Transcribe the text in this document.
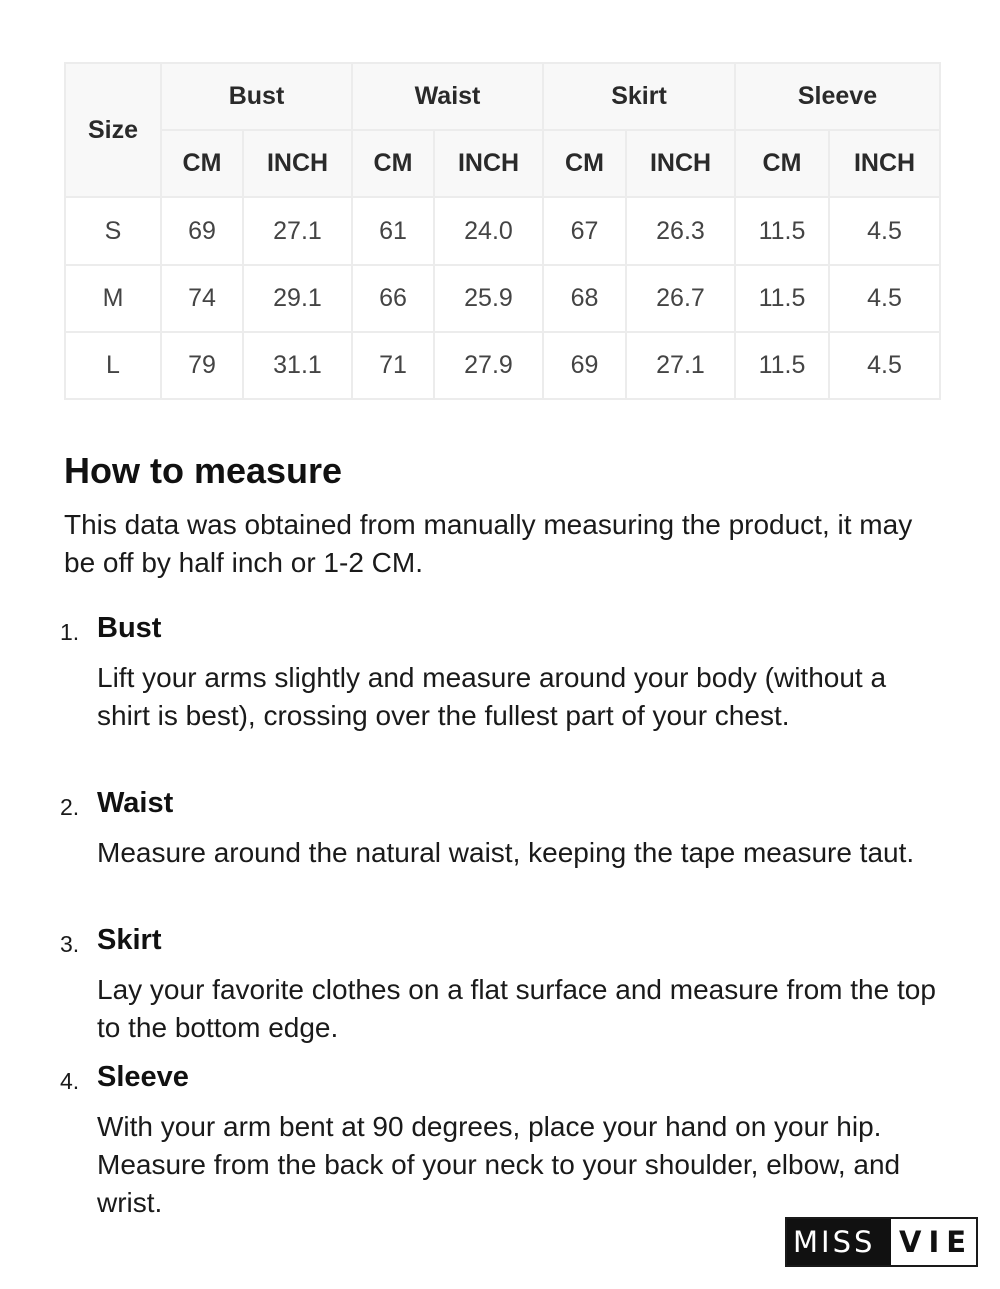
Size	Bust		Waist		Skirt		Sleeve	
	CM	INCH	CM	INCH	CM	INCH	CM	INCH
S	69	27.1	61	24.0	67	26.3	11.5	4.5
M	74	29.1	66	25.9	68	26.7	11.5	4.5
L	79	31.1	71	27.9	69	27.1	11.5	4.5
How to measure

This data was obtained from manually measuring the product, it may be off by half inch or 1-2 CM.

1. Bust

Lift your arms slightly and measure around your body (without a shirt is best), crossing over the fullest part of your chest.

2. Waist

Measure around the natural waist, keeping the tape measure taut.

3. Skirt

Lay your favorite clothes on a flat surface and measure from the top to the bottom edge.

4. Sleeve

With your arm bent at 90 degrees, place your hand on your hip. Measure from the back of your neck to your shoulder, elbow, and wrist.

MISS VIE
